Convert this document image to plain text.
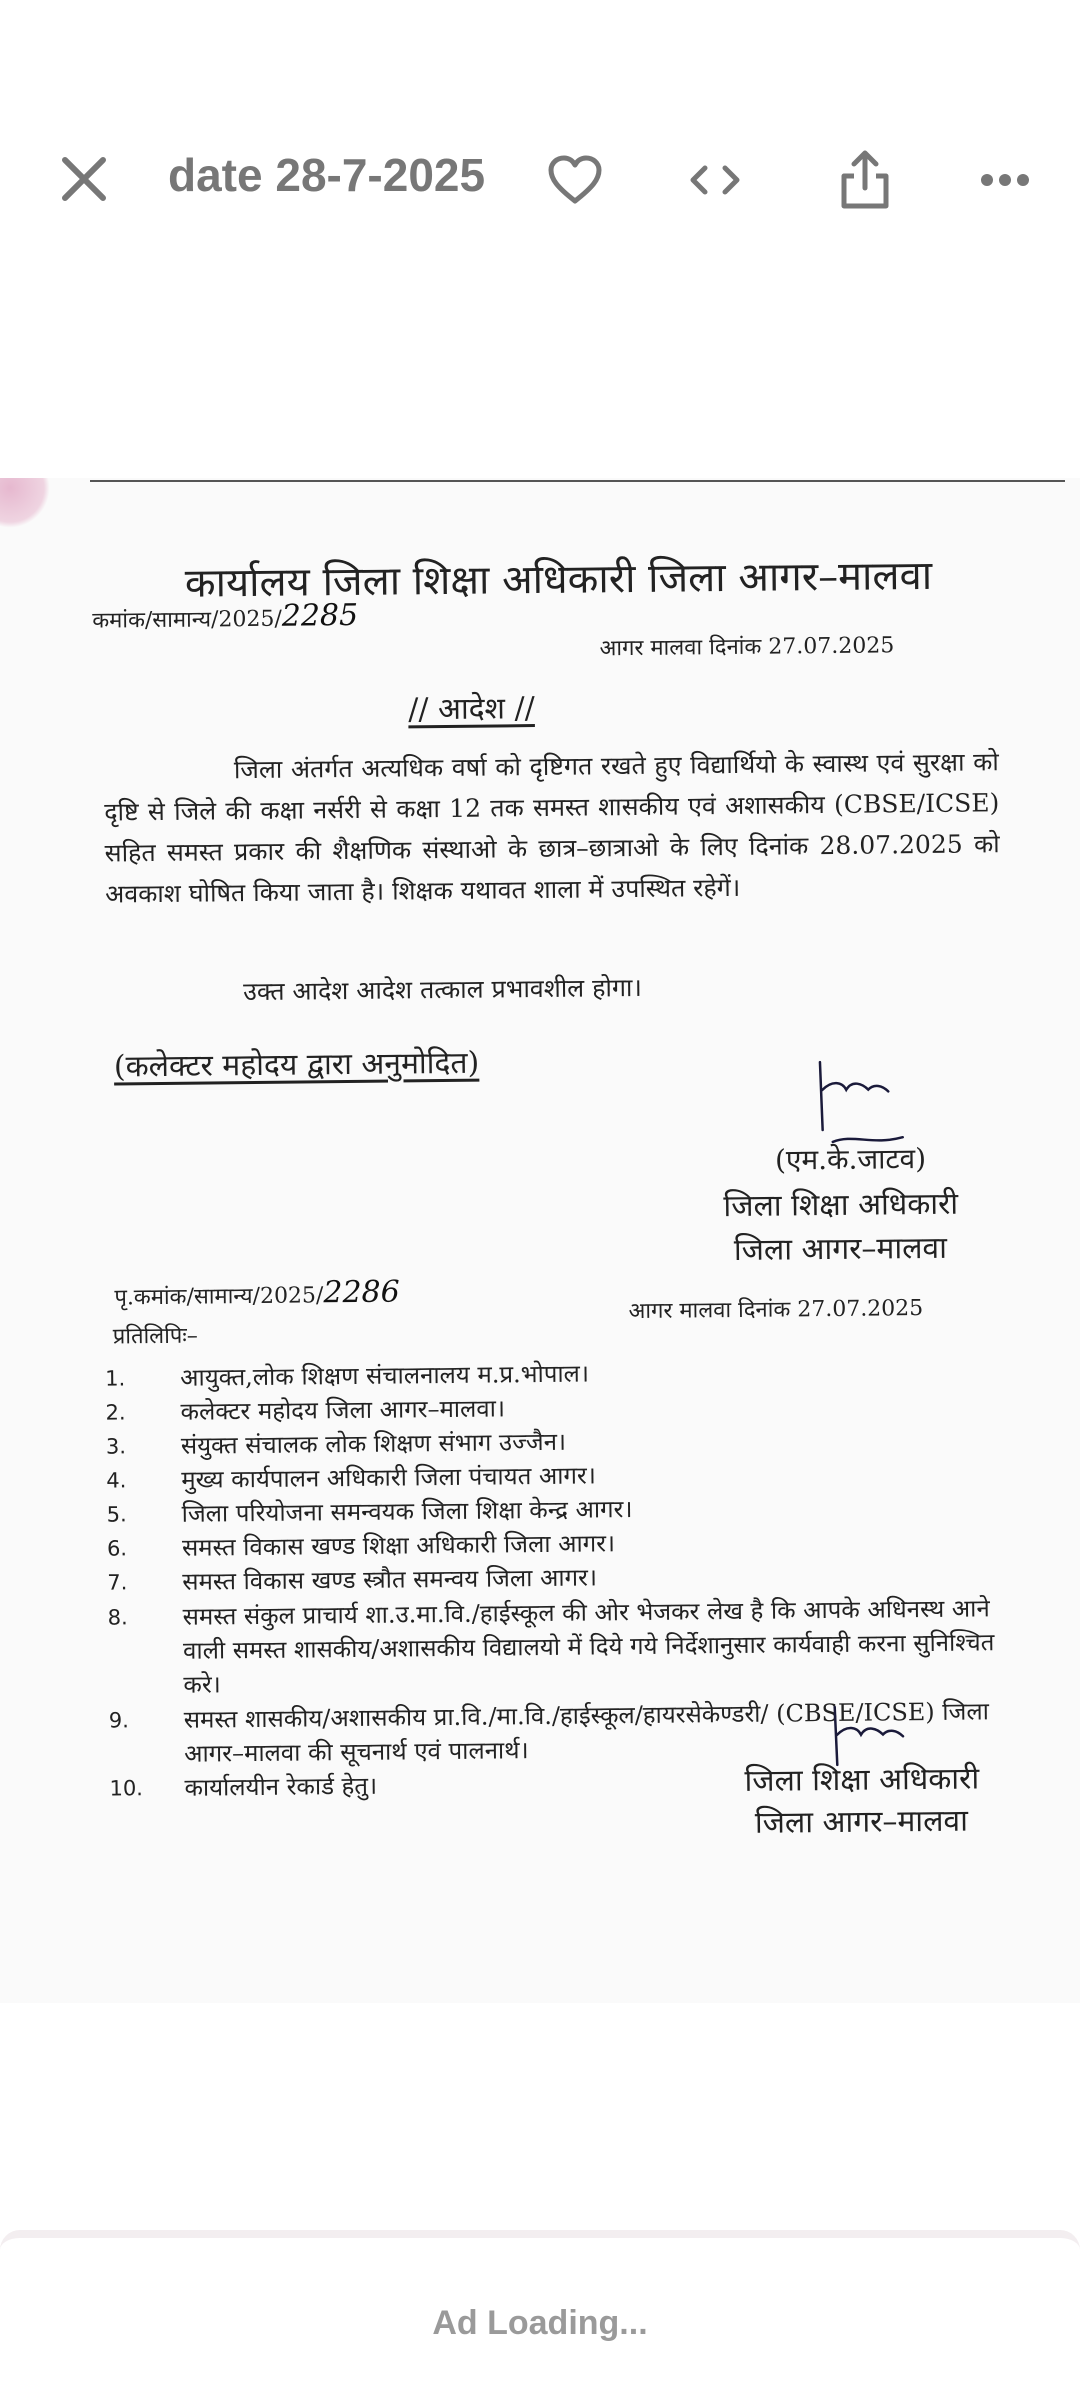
date 28-7-2025
कार्यालय जिला शिक्षा अधिकारी जिला आगर–मालवा
कमांक/सामान्य/2025/2285
आगर मालवा दिनांक 27.07.2025
// आदेश //
जिला अंतर्गत अत्यधिक वर्षा को दृष्टिगत रखते हुए विद्यार्थियो के स्वास्थ एवं सुरक्षा को दृष्टि से जिले की कक्षा नर्सरी से कक्षा 12 तक समस्त शासकीय एवं अशासकीय (CBSE/ICSE) सहित समस्त प्रकार की शैक्षणिक संस्थाओ के छात्र–छात्राओ के लिए दिनांक 28.07.2025 को अवकाश घोषित किया जाता है। शिक्षक यथावत शाला में उपस्थित रहेगें।
उक्त आदेश आदेश तत्काल प्रभावशील होगा।
(कलेक्टर महोदय द्वारा अनुमोदित)
(एम.के.जाटव)
जिला शिक्षा अधिकारी
जिला आगर–मालवा
पृ.कमांक/सामान्य/2025/2286	आगर मालवा दिनांक 27.07.2025
प्रतिलिपिः–
1. आयुक्त,लोक शिक्षण संचालनालय म.प्र.भोपाल।
2. कलेक्टर महोदय जिला आगर–मालवा।
3. संयुक्त संचालक लोक शिक्षण संभाग उज्जैन।
4. मुख्य कार्यपालन अधिकारी जिला पंचायत आगर।
5. जिला परियोजना समन्वयक जिला शिक्षा केन्द्र आगर।
6. समस्त विकास खण्ड शिक्षा अधिकारी जिला आगर।
7. समस्त विकास खण्ड स्त्रौत समन्वय जिला आगर।
8. समस्त संकुल प्राचार्य शा.उ.मा.वि./हाईस्कूल की ओर भेजकर लेख है कि आपके अधिनस्थ आने वाली समस्त शासकीय/अशासकीय विद्यालयो में दिये गये निर्देशानुसार कार्यवाही करना सुनिश्चित करे।
9. समस्त शासकीय/अशासकीय प्रा.वि./मा.वि./हाईस्कूल/हायरसेकेण्डरी/ (CBSE/ICSE) जिला आगर–मालवा की सूचनार्थ एवं पालनार्थ।
10. कार्यालयीन रेकार्ड हेतु।	जिला शिक्षा अधिकारी
जिला आगर–मालवा
Ad Loading...
